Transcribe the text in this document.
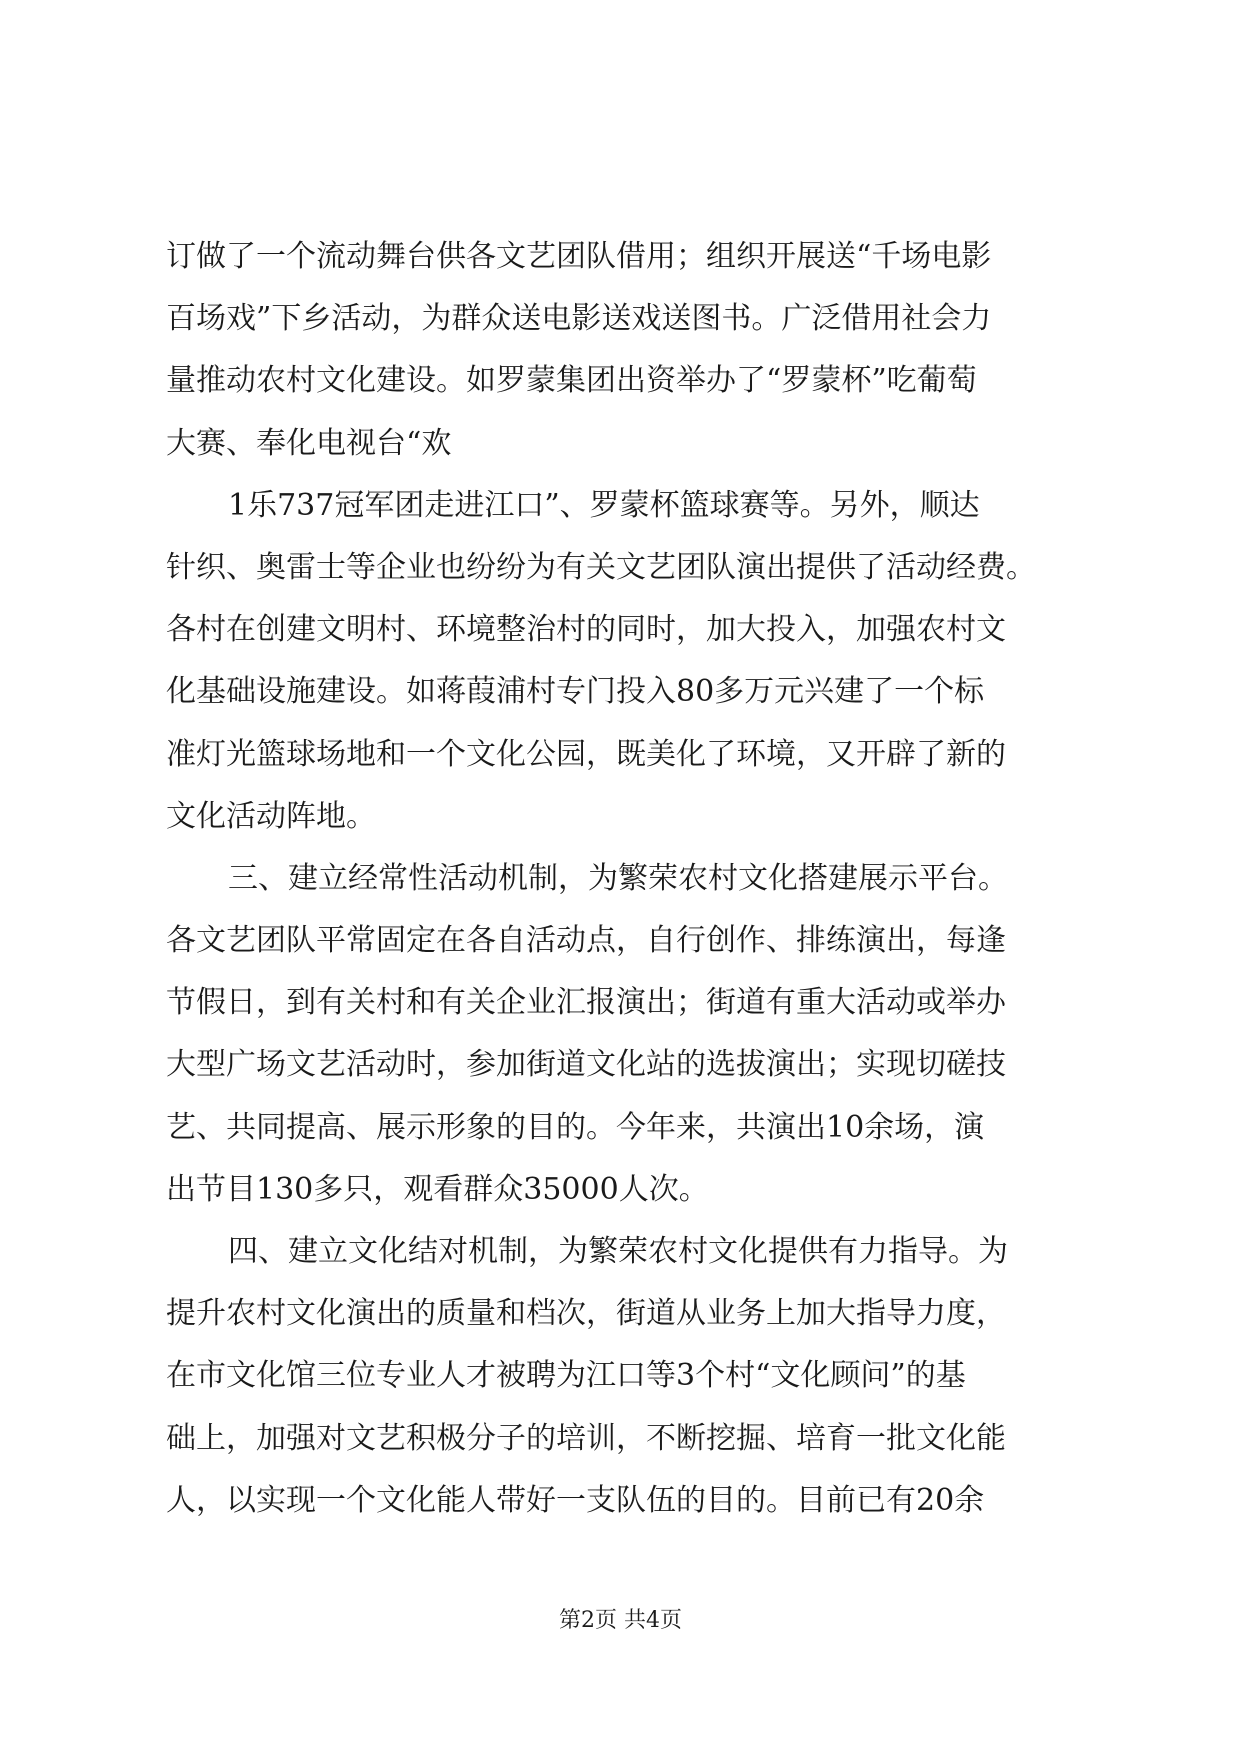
订做了一个流动舞台供各文艺团队借用；组织开展送“千场电影
百场戏”下乡活动，为群众送电影送戏送图书。广泛借用社会力
量推动农村文化建设。如罗蒙集团出资举办了“罗蒙杯”吃葡萄
大赛、奉化电视台“欢
1乐737冠军团走进江口”、罗蒙杯篮球赛等。另外，顺达
针织、奥雷士等企业也纷纷为有关文艺团队演出提供了活动经费。
各村在创建文明村、环境整治村的同时，加大投入，加强农村文
化基础设施建设。如蒋葭浦村专门投入80多万元兴建了一个标
准灯光篮球场地和一个文化公园，既美化了环境，又开辟了新的
文化活动阵地。
三、建立经常性活动机制，为繁荣农村文化搭建展示平台。
各文艺团队平常固定在各自活动点，自行创作、排练演出，每逢
节假日，到有关村和有关企业汇报演出；街道有重大活动或举办
大型广场文艺活动时，参加街道文化站的选拔演出；实现切磋技
艺、共同提高、展示形象的目的。今年来，共演出10余场，演
出节目130多只，观看群众35000人次。
四、建立文化结对机制，为繁荣农村文化提供有力指导。为
提升农村文化演出的质量和档次，街道从业务上加大指导力度，
在市文化馆三位专业人才被聘为江口等3个村“文化顾问”的基
础上，加强对文艺积极分子的培训，不断挖掘、培育一批文化能
人，以实现一个文化能人带好一支队伍的目的。目前已有20余
第2页 共4页
